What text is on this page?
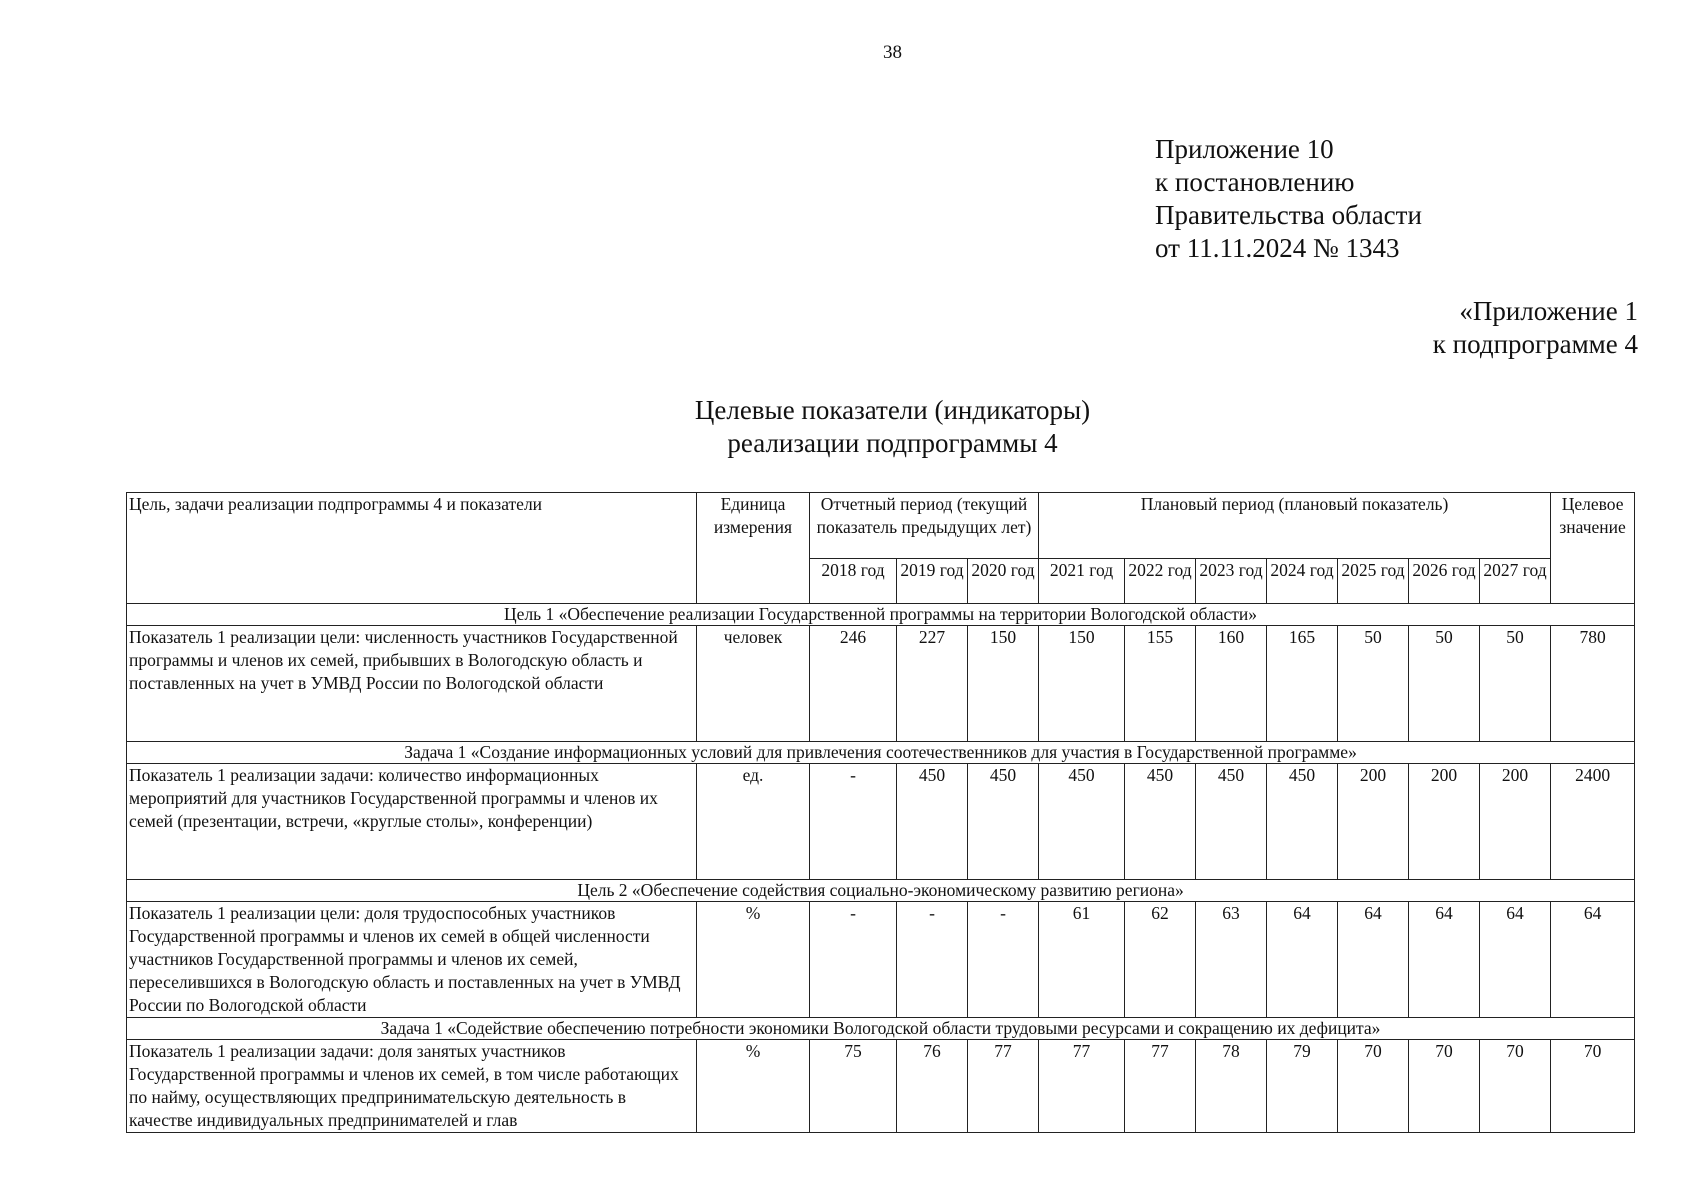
38
Приложение 10
к постановлению
Правительства области
от 11.11.2024 № 1343
«Приложение 1
к подпрограмме 4
Целевые показатели (индикаторы)
реализации подпрограммы 4
Цель, задачи реализации подпрограммы 4 и показатели	Единица измерения	Отчетный период (текущий показатель предыдущих лет)			Плановый период (плановый показатель)							Целевое значение
		2018 год	2019 год	2020 год	2021 год	2022 год	2023 год	2024 год	2025 год	2026 год	2027 год	
Цель 1 «Обеспечение реализации Государственной программы на территории Вологодской области»												
Показатель 1 реализации цели: численность участников Государственной программы и членов их семей, прибывших в Вологодскую область и поставленных на учет в УМВД России по Вологодской области	человек	246	227	150	150	155	160	165	50	50	50	780
Задача 1 «Создание информационных условий для привлечения соотечественников для участия в Государственной программе»												
Показатель 1 реализации задачи: количество информационных мероприятий для участников Государственной программы и членов их семей (презентации, встречи, «круглые столы», конференции)	ед.	-	450	450	450	450	450	450	200	200	200	2400
Цель 2 «Обеспечение содействия социально-экономическому развитию региона»												
Показатель 1 реализации цели: доля трудоспособных участников Государственной программы и членов их семей в общей численности участников Государственной программы и членов их семей, переселившихся в Вологодскую область и поставленных на учет в УМВД России по Вологодской области	%	-	-	-	61	62	63	64	64	64	64	64
Задача 1 «Содействие обеспечению потребности экономики Вологодской области трудовыми ресурсами и сокращению их дефицита»												
Показатель 1 реализации задачи: доля занятых участников Государственной программы и членов их семей, в том числе работающих по найму, осуществляющих предпринимательскую деятельность в качестве индивидуальных предпринимателей и глав	%	75	76	77	77	77	78	79	70	70	70	70
